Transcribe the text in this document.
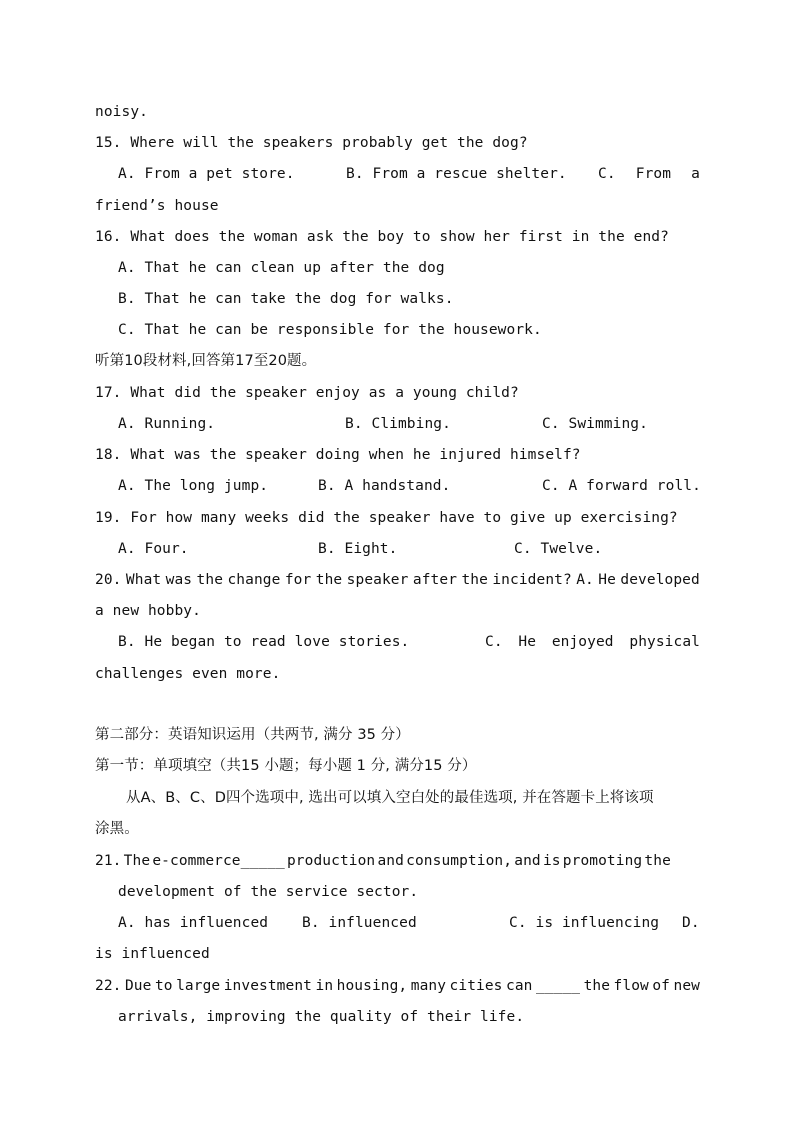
noisy.
15. Where will the speakers probably get the dog?
A. From a pet store.	B. From a rescue shelter. C. From a
friend’s house
16. What does the woman ask the boy to show her first in the end?
A. That he can clean up after the dog
B. That he can take the dog for walks.
C. That he can be responsible for the housework.
听第10段材料,回答第17至20题。
17. What did the speaker enjoy as a young child?
A. Running.	B. Climbing.	C. Swimming.
18. What was the speaker doing when he injured himself?
A. The long jump.	B. A handstand.	C. A forward roll.
19. For how many weeks did the speaker have to give up exercising?
A. Four.	B. Eight.	C. Twelve.
20. What was the change for the speaker after the incident? A. He developed
a new hobby.
B. He began to read love stories.	C. He enjoyed physical
challenges even more.
第二部分：英语知识运用（共两节, 满分 35 分）
第一节：单项填空（共15 小题；每小题 1 分, 满分15 分）
从A、B、C、D四个选项中, 选出可以填入空白处的最佳选项, 并在答题卡上将该项
涂黑。
21. The e-commerce_____ production and consumption, and is promoting the
development of the service sector.
A. has influenced B. influenced	C. is influencing D.
is influenced
22. Due to large investment in housing, many cities can _____ the flow of new
arrivals, improving the quality of their life.
